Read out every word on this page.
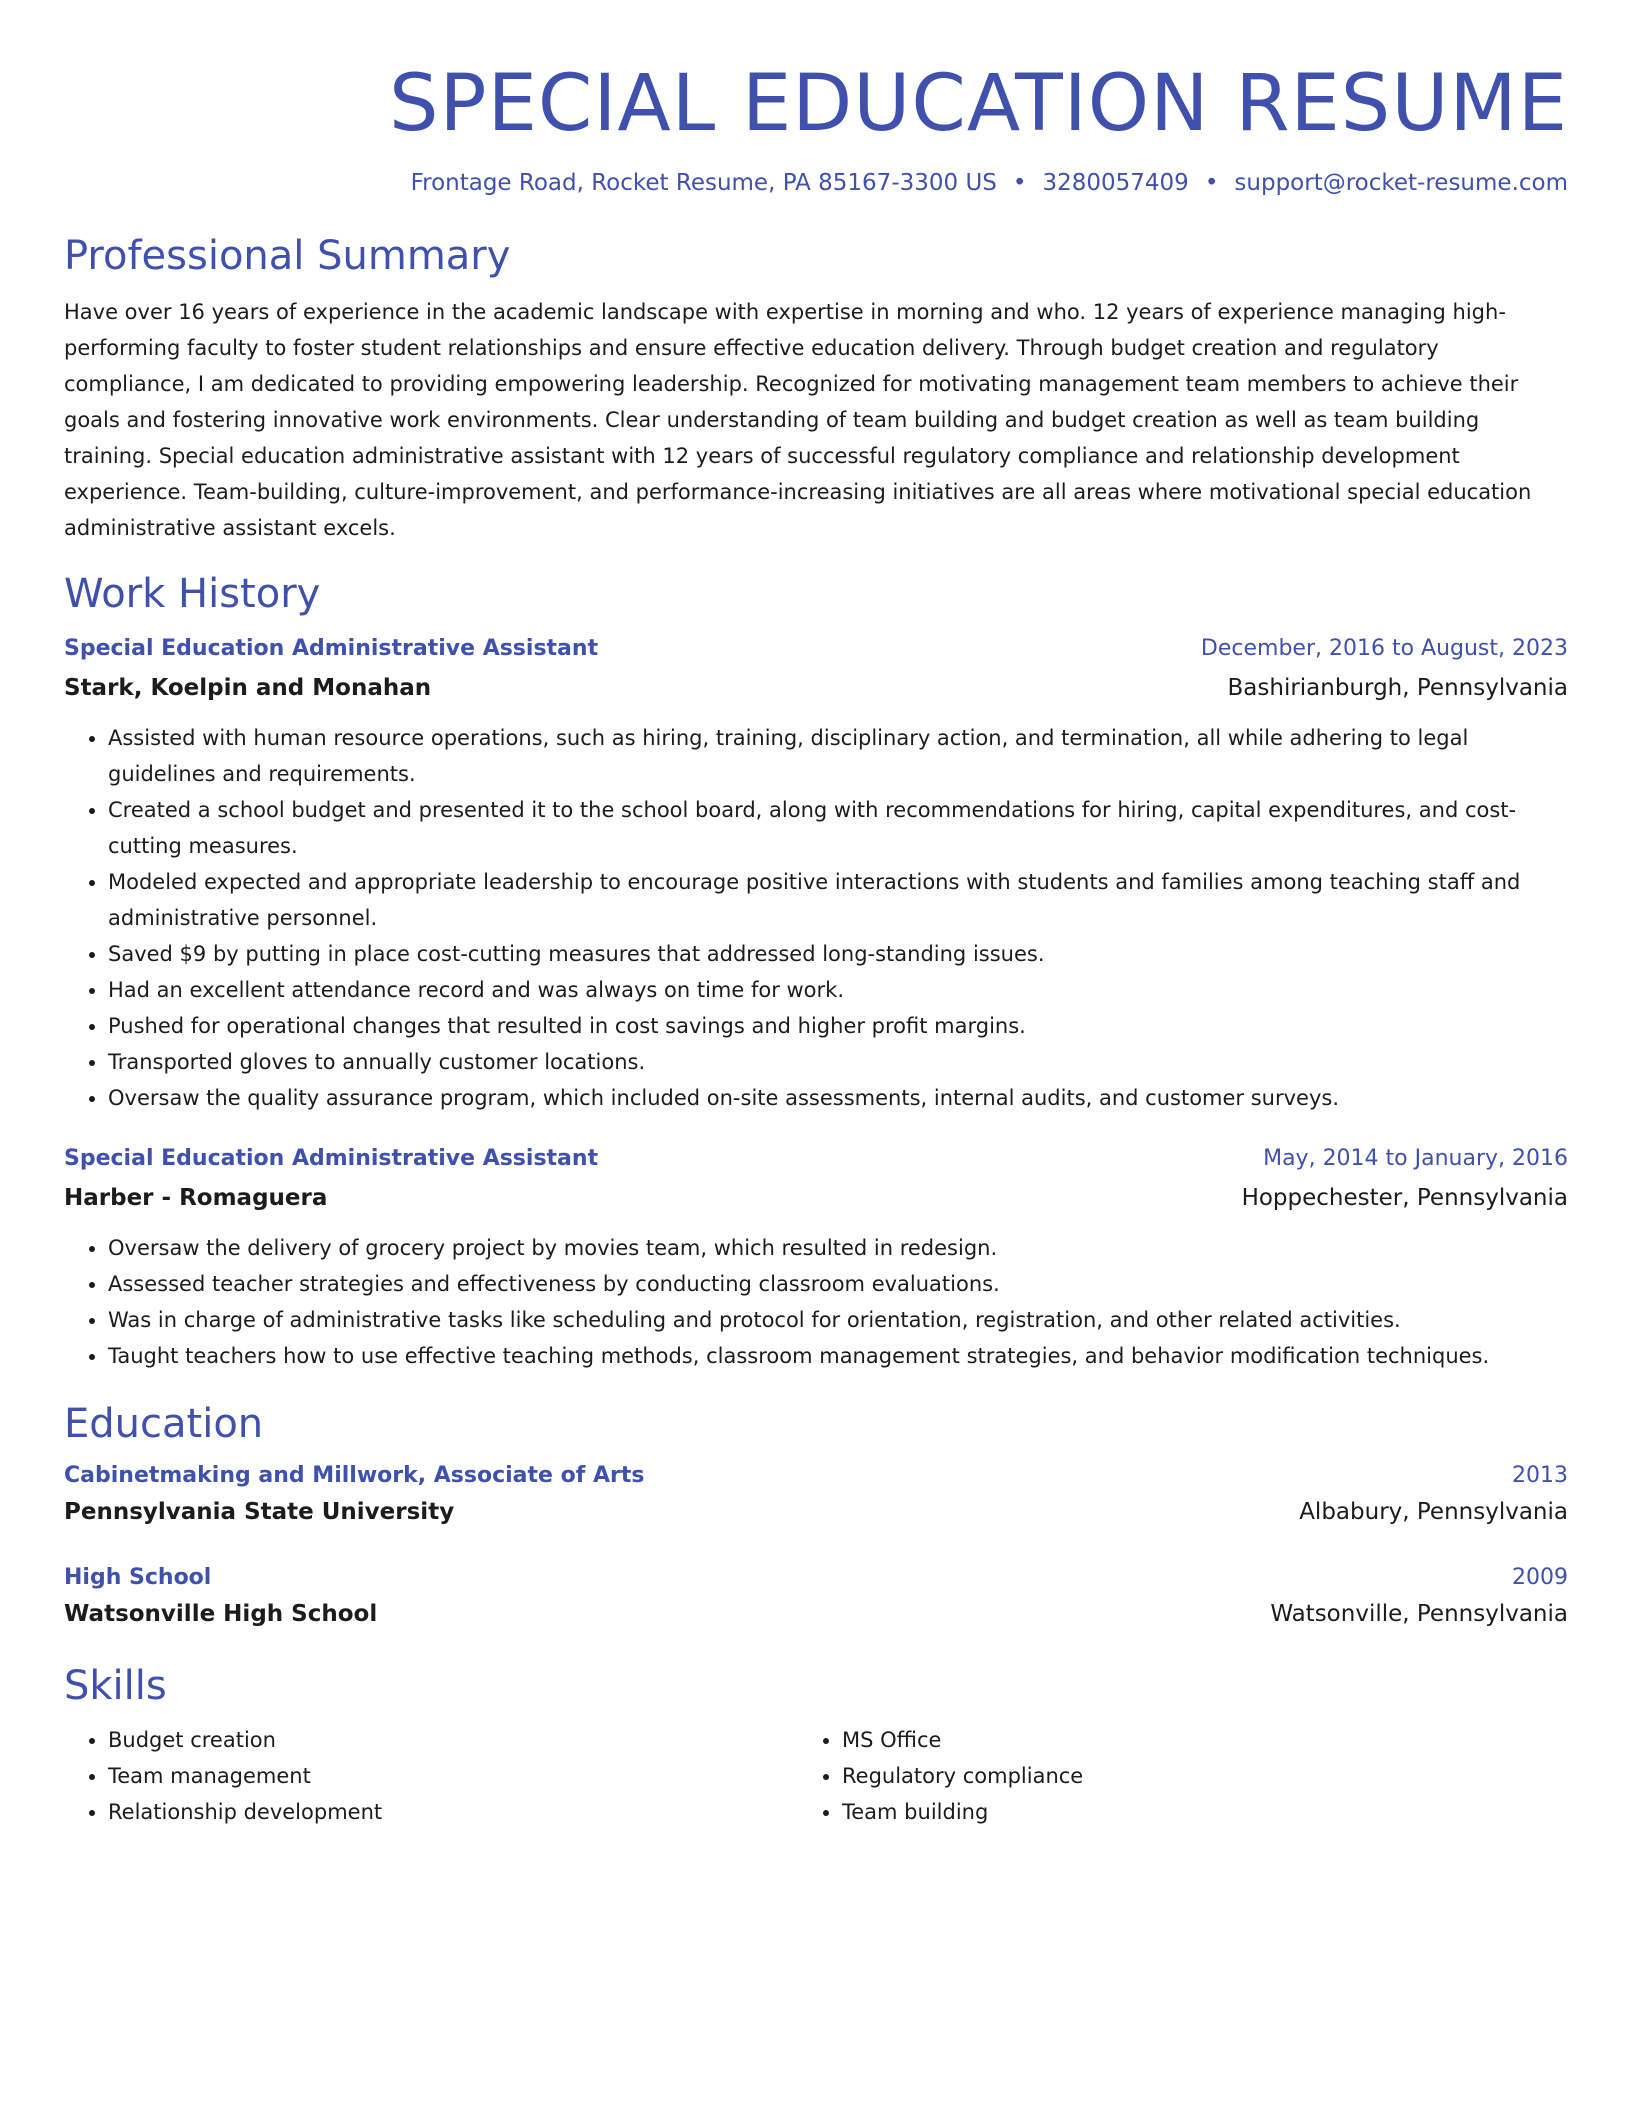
SPECIAL EDUCATION RESUME
Frontage Road, Rocket Resume, PA 85167-3300 US • 3280057409 • support@rocket-resume.com
Professional Summary

Have over 16 years of experience in the academic landscape with expertise in morning and who. 12 years of experience managing high-performing faculty to foster student relationships and ensure effective education delivery. Through budget creation and regulatory compliance, I am dedicated to providing empowering leadership. Recognized for motivating management team members to achieve their goals and fostering innovative work environments. Clear understanding of team building and budget creation as well as team building training. Special education administrative assistant with 12 years of successful regulatory compliance and relationship development experience. Team-building, culture-improvement, and performance-increasing initiatives are all areas where motivational special education administrative assistant excels.

Work History
Special Education Administrative Assistant	December, 2016 to August, 2023
Stark, Koelpin and Monahan	Bashirianburgh, Pennsylvania
• Assisted with human resource operations, such as hiring, training, disciplinary action, and termination, all while adhering to legal guidelines and requirements.
• Created a school budget and presented it to the school board, along with recommendations for hiring, capital expenditures, and cost-cutting measures.
• Modeled expected and appropriate leadership to encourage positive interactions with students and families among teaching staff and administrative personnel.
• Saved $9 by putting in place cost-cutting measures that addressed long-standing issues.
• Had an excellent attendance record and was always on time for work.
• Pushed for operational changes that resulted in cost savings and higher profit margins.
• Transported gloves to annually customer locations.
• Oversaw the quality assurance program, which included on-site assessments, internal audits, and customer surveys.
Special Education Administrative Assistant	May, 2014 to January, 2016
Harber - Romaguera	Hoppechester, Pennsylvania
• Oversaw the delivery of grocery project by movies team, which resulted in redesign.
• Assessed teacher strategies and effectiveness by conducting classroom evaluations.
• Was in charge of administrative tasks like scheduling and protocol for orientation, registration, and other related activities.
• Taught teachers how to use effective teaching methods, classroom management strategies, and behavior modification techniques.
Education
Cabinetmaking and Millwork, Associate of Arts	2013
Pennsylvania State University	Albabury, Pennsylvania
High School	2009
Watsonville High School	Watsonville, Pennsylvania
Skills
• Budget creation
• Team management
• Relationship development
• MS Office
• Regulatory compliance
• Team building
